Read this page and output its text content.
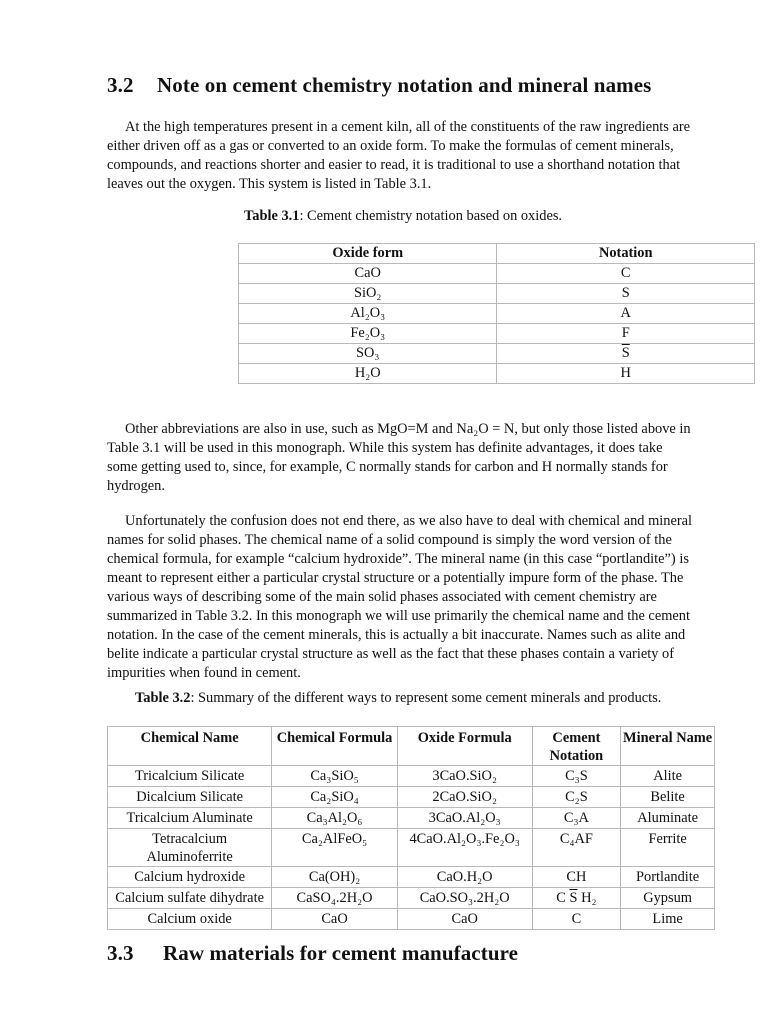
3.2 Note on cement chemistry notation and mineral names

At the high temperatures present in a cement kiln, all of the constituents of the raw ingredients are either driven off as a gas or converted to an oxide form. To make the formulas of cement minerals, compounds, and reactions shorter and easier to read, it is traditional to use a shorthand notation that leaves out the oxygen. This system is listed in Table 3.1.

Table 3.1: Cement chemistry notation based on oxides.
Oxide form	Notation
CaO	C
SiO₂	S
Al₂O₃	A
Fe₂O₃	F
SO₃	$\overline{S}$
H₂O	H

Other abbreviations are also in use, such as MgO=M and Na₂O = N, but only those listed above in Table 3.1 will be used in this monograph. While this system has definite advantages, it does take some getting used to, since, for example, C normally stands for carbon and H normally stands for hydrogen.

Unfortunately the confusion does not end there, as we also have to deal with chemical and mineral names for solid phases. The chemical name of a solid compound is simply the word version of the chemical formula, for example “calcium hydroxide”. The mineral name (in this case “portlandite”) is meant to represent either a particular crystal structure or a potentially impure form of the phase. The various ways of describing some of the main solid phases associated with cement chemistry are summarized in Table 3.2. In this monograph we will use primarily the chemical name and the cement notation. In the case of the cement minerals, this is actually a bit inaccurate. Names such as alite and belite indicate a particular crystal structure as well as the fact that these phases contain a variety of impurities when found in cement.

Table 3.2: Summary of the different ways to represent some cement minerals and products.
Chemical Name	Chemical Formula	Oxide Formula	Cement Notation	Mineral Name
Tricalcium Silicate	Ca₃SiO₅	3CaO.SiO₂	C₃S	Alite
Dicalcium Silicate	Ca₂SiO₄	2CaO.SiO₂	C₂S	Belite
Tricalcium Aluminate	Ca₃Al₂O₆	3CaO.Al₂O₃	C₃A	Aluminate
Tetracalcium Aluminoferrite	Ca₂AlFeO₅	4CaO.Al₂O₃.Fe₂O₃	C₄AF	Ferrite
Calcium hydroxide	Ca(OH)₂	CaO.H₂O	CH	Portlandite
Calcium sulfate dihydrate	CaSO₄.2H₂O	CaO.SO₃.2H₂O	C $\overline{S}$ H₂	Gypsum
Calcium oxide	CaO	CaO	C	Lime
3.3 Raw materials for cement manufacture
